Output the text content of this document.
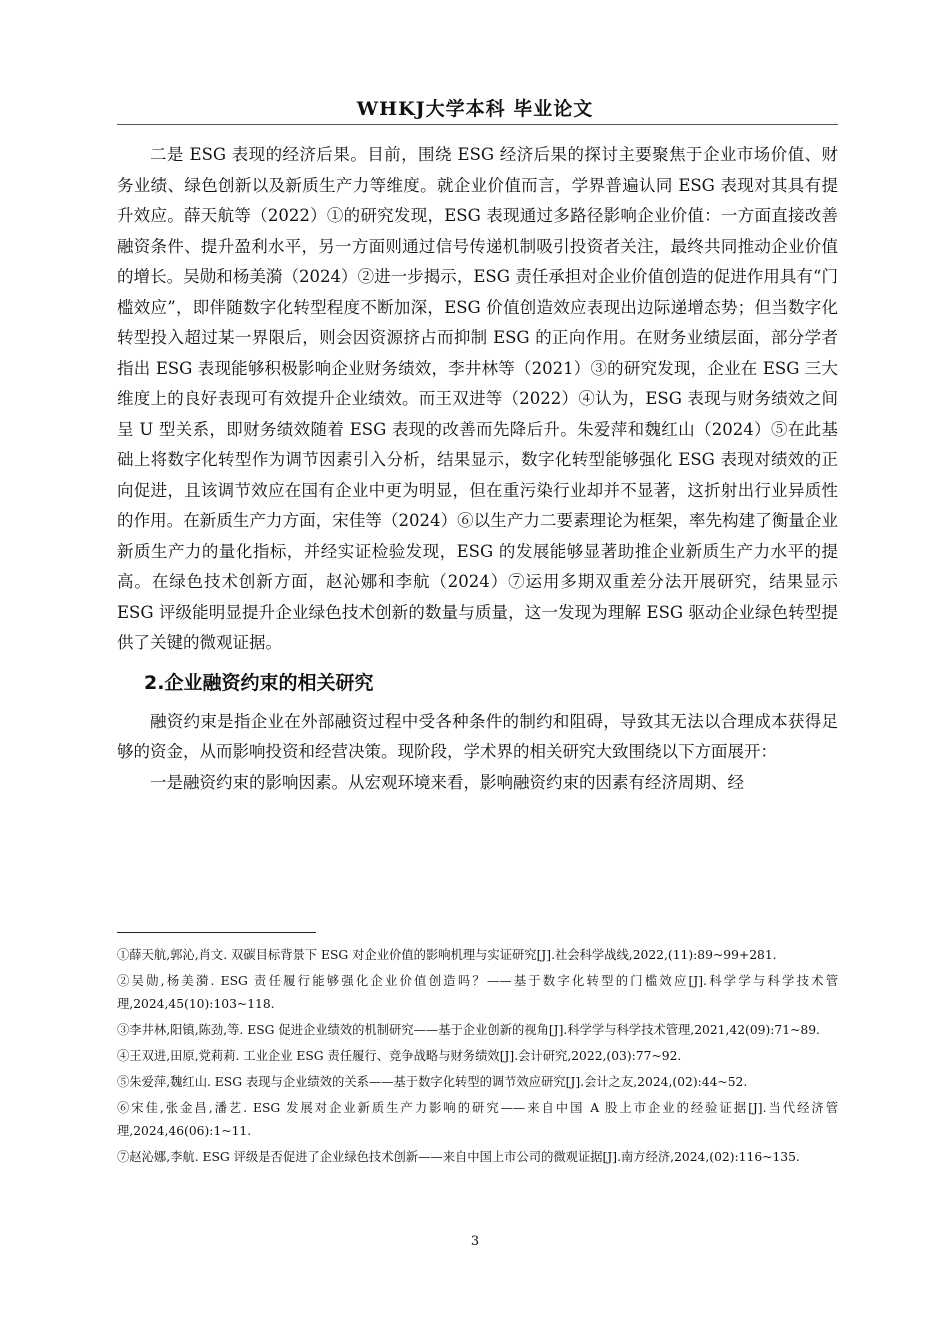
WHKJ大学本科 毕业论文

二是 ESG 表现的经济后果。目前，围绕 ESG 经济后果的探讨主要聚焦于企业市场价值、财务业绩、绿色创新以及新质生产力等维度。就企业价值而言，学界普遍认同 ESG 表现对其具有提升效应。薛天航等（2022）①的研究发现，ESG 表现通过多路径影响企业价值：一方面直接改善融资条件、提升盈利水平，另一方面则通过信号传递机制吸引投资者关注，最终共同推动企业价值的增长。吴勋和杨美漪（2024）②进一步揭示，ESG 责任承担对企业价值创造的促进作用具有“门槛效应”，即伴随数字化转型程度不断加深，ESG 价值创造效应表现出边际递增态势；但当数字化转型投入超过某一界限后，则会因资源挤占而抑制 ESG 的正向作用。在财务业绩层面，部分学者指出 ESG 表现能够积极影响企业财务绩效，李井林等（2021）③的研究发现，企业在 ESG 三大维度上的良好表现可有效提升企业绩效。而王双进等（2022）④认为，ESG 表现与财务绩效之间呈 U 型关系，即财务绩效随着 ESG 表现的改善而先降后升。朱爱萍和魏红山（2024）⑤在此基础上将数字化转型作为调节因素引入分析，结果显示，数字化转型能够强化 ESG 表现对绩效的正向促进，且该调节效应在国有企业中更为明显，但在重污染行业却并不显著，这折射出行业异质性的作用。在新质生产力方面，宋佳等（2024）⑥以生产力二要素理论为框架，率先构建了衡量企业新质生产力的量化指标，并经实证检验发现，ESG 的发展能够显著助推企业新质生产力水平的提高。在绿色技术创新方面，赵沁娜和李航（2024）⑦运用多期双重差分法开展研究，结果显示 ESG 评级能明显提升企业绿色技术创新的数量与质量，这一发现为理解 ESG 驱动企业绿色转型提供了关键的微观证据。

2.企业融资约束的相关研究

融资约束是指企业在外部融资过程中受各种条件的制约和阻碍，导致其无法以合理成本获得足够的资金，从而影响投资和经营决策。现阶段，学术界的相关研究大致围绕以下方面展开：

一是融资约束的影响因素。从宏观环境来看，影响融资约束的因素有经济周期、经

①薛天航,郭沁,肖文. 双碳目标背景下 ESG 对企业价值的影响机理与实证研究[J].社会科学战线,2022,(11):89~99+281.

②吴勋,杨美漪. ESG 责任履行能够强化企业价值创造吗？——基于数字化转型的门槛效应[J].科学学与科学技术管理,2024,45(10):103~118.

③李井林,阳镇,陈劲,等. ESG 促进企业绩效的机制研究——基于企业创新的视角[J].科学学与科学技术管理,2021,42(09):71~89.

④王双进,田原,党莉莉. 工业企业 ESG 责任履行、竞争战略与财务绩效[J].会计研究,2022,(03):77~92.

⑤朱爱萍,魏红山. ESG 表现与企业绩效的关系——基于数字化转型的调节效应研究[J].会计之友,2024,(02):44~52.

⑥宋佳,张金昌,潘艺. ESG 发展对企业新质生产力影响的研究——来自中国 A 股上市企业的经验证据[J].当代经济管理,2024,46(06):1~11.

⑦赵沁娜,李航. ESG 评级是否促进了企业绿色技术创新——来自中国上市公司的微观证据[J].南方经济,2024,(02):116~135.

3
